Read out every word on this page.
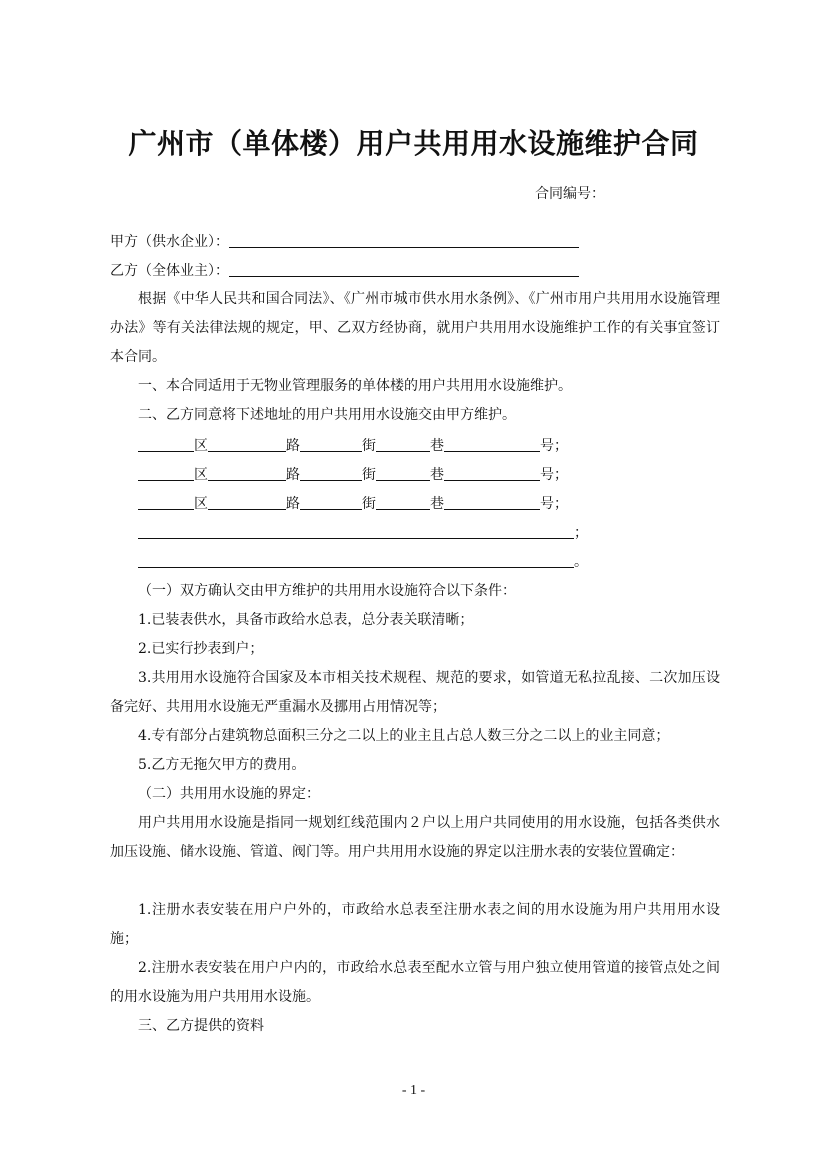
广州市（单体楼）用户共用用水设施维护合同
合同编号：
甲方（供水企业）：
乙方（全体业主）：
根据《中华人民共和国合同法》、《广州市城市供水用水条例》、《广州市用户共用用水设施管理办法》等有关法律法规的规定，甲、乙双方经协商，就用户共用用水设施维护工作的有关事宜签订本合同。
一、本合同适用于无物业管理服务的单体楼的用户共用用水设施维护。
二、乙方同意将下述地址的用户共用用水设施交由甲方维护。
区	路	街	巷	号；
区	路	街	巷	号；
区	路	街	巷	号；
；
。
（一）双方确认交由甲方维护的共用用水设施符合以下条件：
1.已装表供水，具备市政给水总表，总分表关联清晰；
2.已实行抄表到户；
3.共用用水设施符合国家及本市相关技术规程、规范的要求，如管道无私拉乱接、二次加压设备完好、共用用水设施无严重漏水及挪用占用情况等；
4.专有部分占建筑物总面积三分之二以上的业主且占总人数三分之二以上的业主同意；
5.乙方无拖欠甲方的费用。
（二）共用用水设施的界定：
用户共用用水设施是指同一规划红线范围内２户以上用户共同使用的用水设施，包括各类供水加压设施、储水设施、管道、阀门等。用户共用用水设施的界定以注册水表的安装位置确定：
1.注册水表安装在用户户外的，市政给水总表至注册水表之间的用水设施为用户共用用水设施；
2.注册水表安装在用户户内的，市政给水总表至配水立管与用户独立使用管道的接管点处之间的用水设施为用户共用用水设施。
三、乙方提供的资料
- 1 -
